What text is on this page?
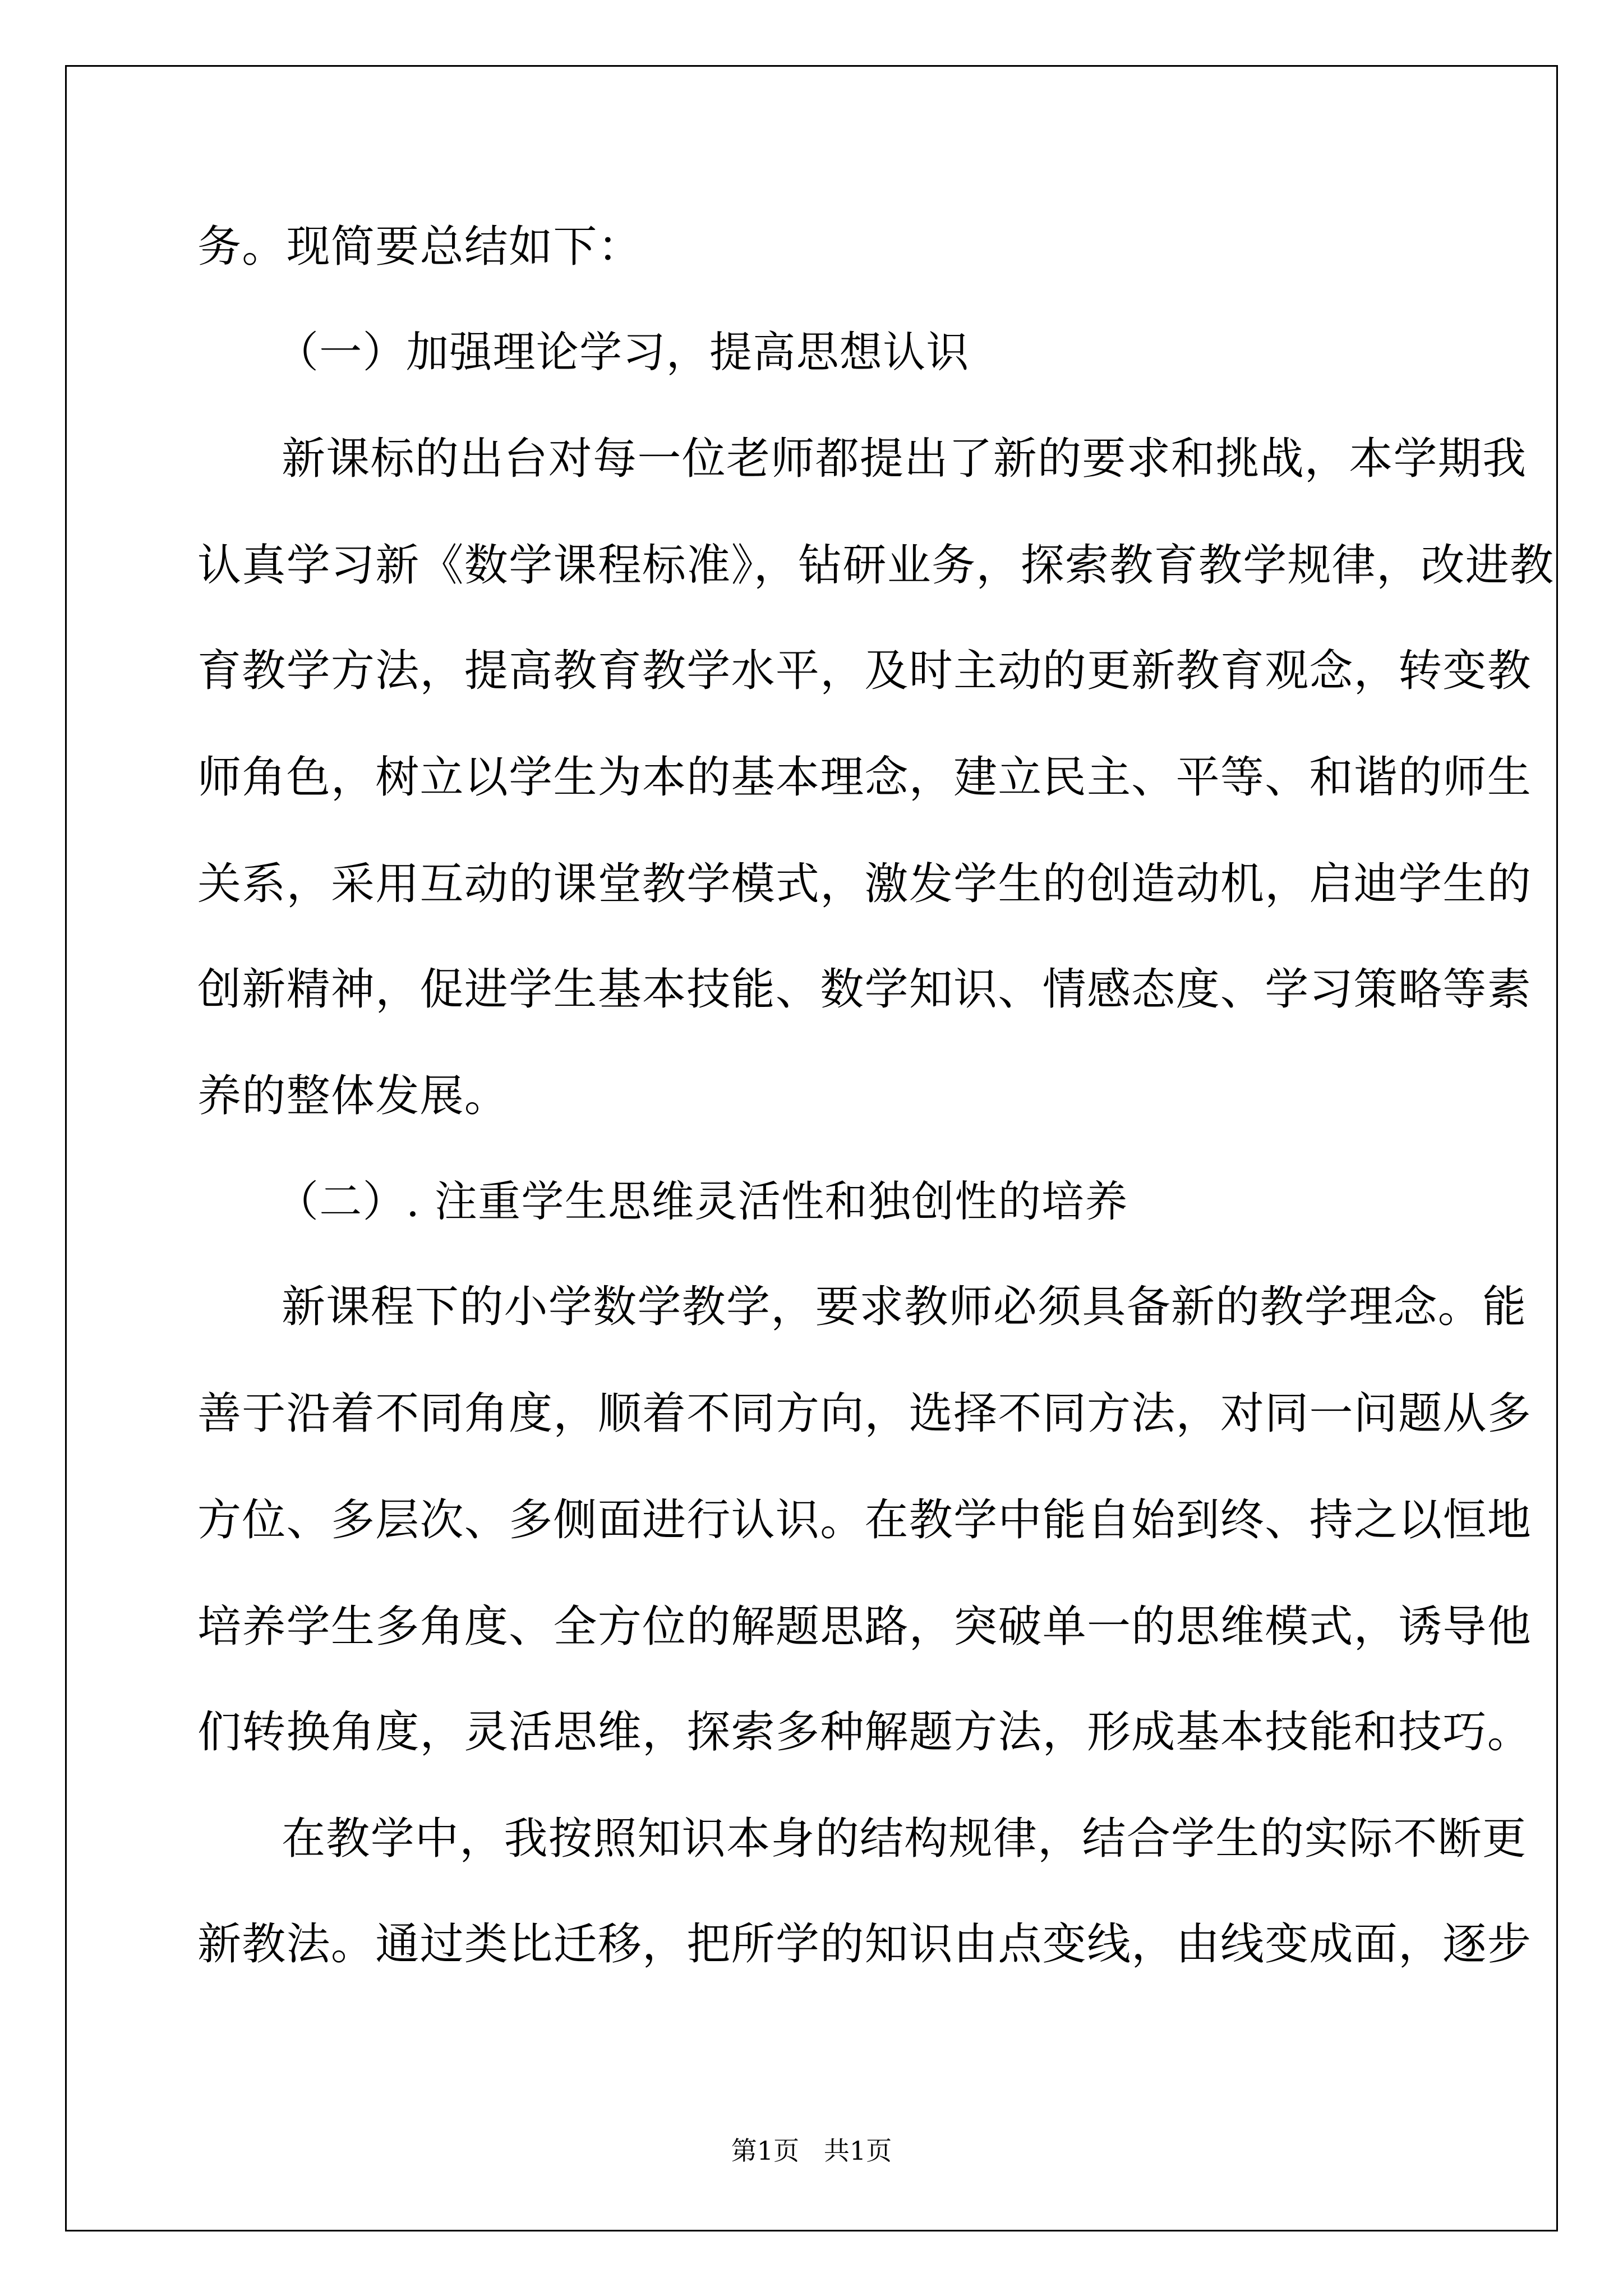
务。现简要总结如下：
（一）加强理论学习，提高思想认识
新课标的出台对每一位老师都提出了新的要求和挑战，本学期我
认真学习新《数学课程标准》，钻研业务，探索教育教学规律，改进教
育教学方法，提高教育教学水平，及时主动的更新教育观念，转变教
师角色，树立以学生为本的基本理念，建立民主、平等、和谐的师生
关系，采用互动的课堂教学模式，激发学生的创造动机，启迪学生的
创新精神，促进学生基本技能、数学知识、情感态度、学习策略等素
养的整体发展。
（二）. 注重学生思维灵活性和独创性的培养
新课程下的小学数学教学，要求教师必须具备新的教学理念。能
善于沿着不同角度，顺着不同方向，选择不同方法，对同一问题从多
方位、多层次、多侧面进行认识。在教学中能自始到终、持之以恒地
培养学生多角度、全方位的解题思路，突破单一的思维模式，诱导他
们转换角度，灵活思维，探索多种解题方法，形成基本技能和技巧。
在教学中，我按照知识本身的结构规律，结合学生的实际不断更
新教法。通过类比迁移，把所学的知识由点变线，由线变成面，逐步
第1页   共1页
